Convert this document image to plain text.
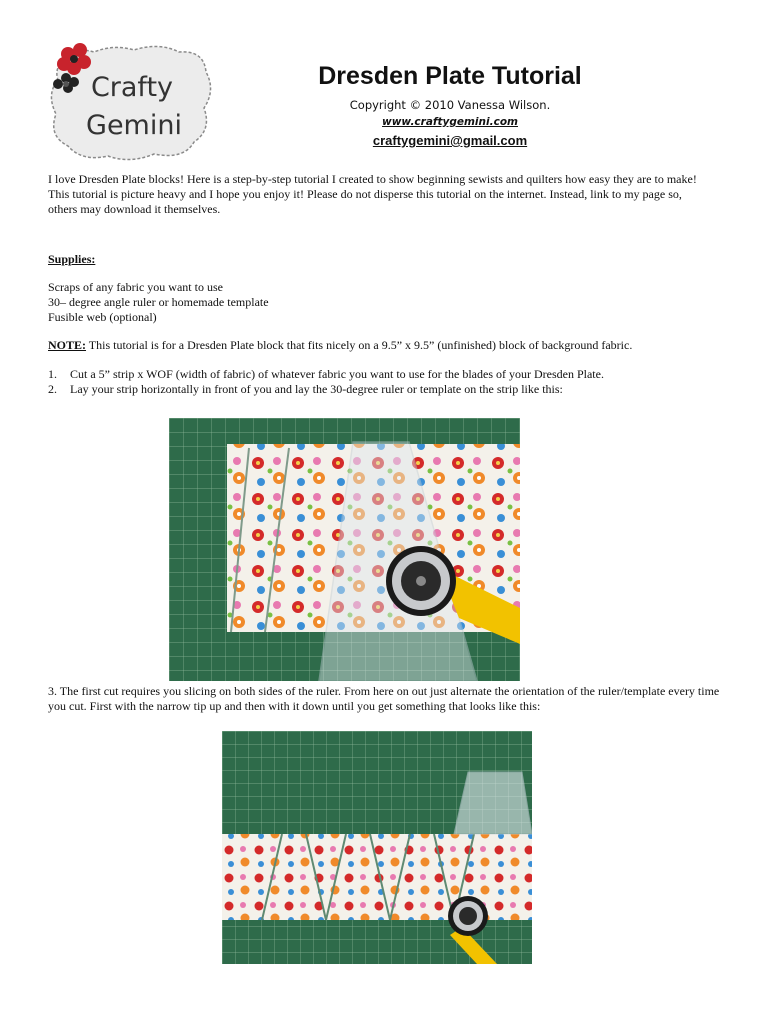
Crafty
Gemini
Dresden Plate Tutorial
Copyright © 2010 Vanessa Wilson.
www.craftygemini.com
craftygemini@gmail.com
I love Dresden Plate blocks! Here is a step-by-step tutorial I created to show beginning sewists and quilters how easy they are to make! This tutorial is picture heavy and I hope you enjoy it! Please do not disperse this tutorial on the internet. Instead, link to my page so, others may download it themselves.
Supplies:
Scraps of any fabric you want to use
30– degree angle ruler or homemade template
Fusible web (optional)
NOTE: This tutorial is for a Dresden Plate block that fits nicely on a 9.5” x 9.5” (unfinished) block of background fabric.
1. Cut a 5” strip x WOF (width of fabric) of whatever fabric you want to use for the blades of your Dresden Plate.
2. Lay your strip horizontally in front of you and lay the 30-degree ruler or template on the strip like this:
3. The first cut requires you slicing on both sides of the ruler. From here on out just alternate the orientation of the ruler/template every time you cut. First with the narrow tip up and then with it down until you get something that looks like this:
